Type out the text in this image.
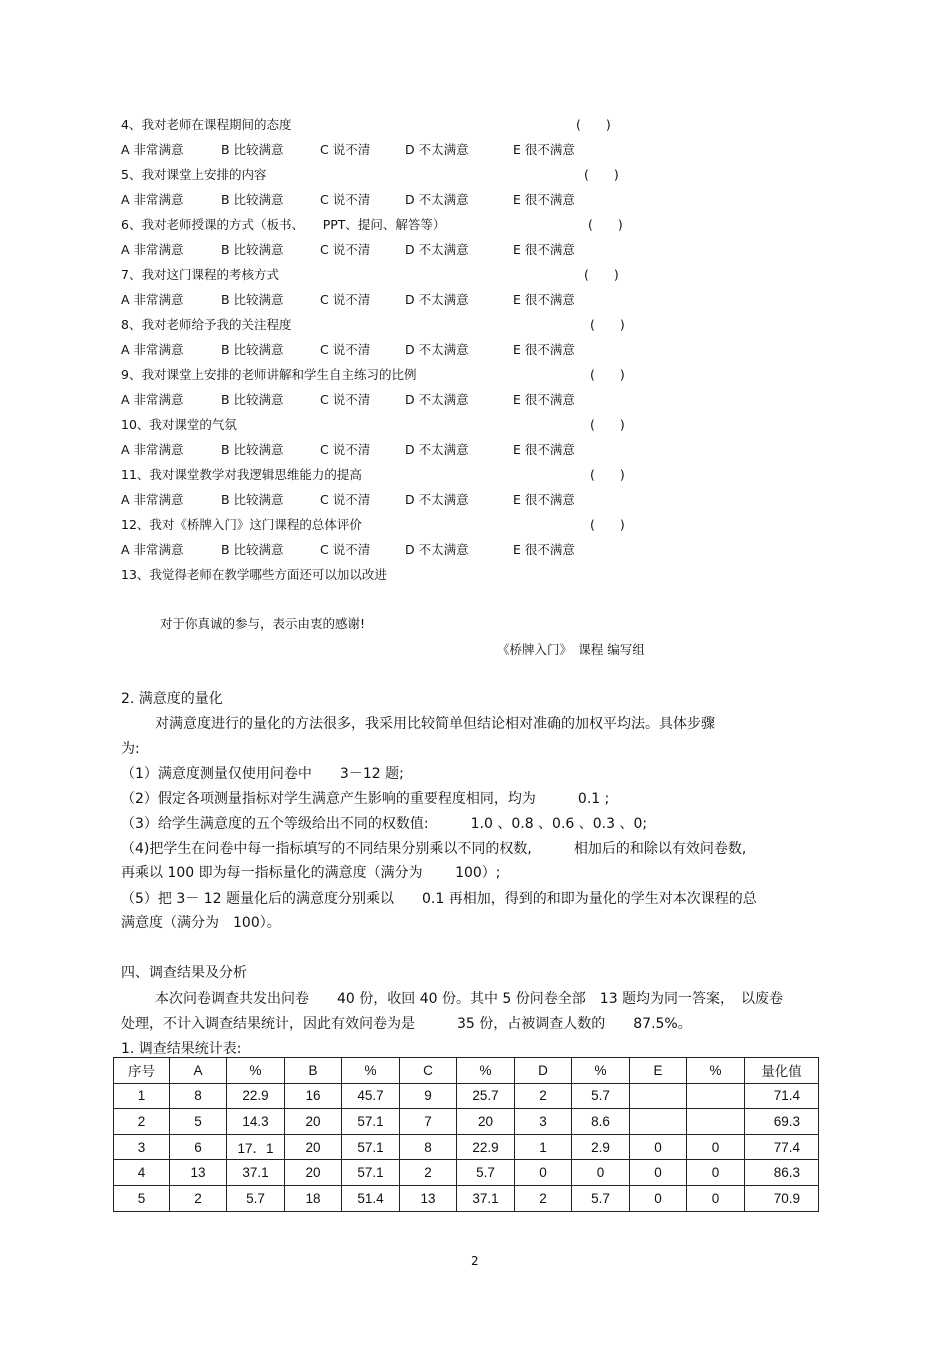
4、我对老师在课程期间的态度	(　　)
A 非常满意	B 比较满意	C 说不清	D 不太满意	E 很不满意
5、我对课堂上安排的内容	(　　)
A 非常满意	B 比较满意	C 说不清	D 不太满意	E 很不满意
6、我对老师授课的方式（板书、　　PPT、提问、解答等）	(　　)
A 非常满意	B 比较满意	C 说不清	D 不太满意	E 很不满意
7、我对这门课程的考核方式	(　　)
A 非常满意	B 比较满意	C 说不清	D 不太满意	E 很不满意
8、我对老师给予我的关注程度	(　　)
A 非常满意	B 比较满意	C 说不清	D 不太满意	E 很不满意
9、我对课堂上安排的老师讲解和学生自主练习的比例	(　　)
A 非常满意	B 比较满意	C 说不清	D 不太满意	E 很不满意
10、我对课堂的气氛	(　　)
A 非常满意	B 比较满意	C 说不清	D 不太满意	E 很不满意
11、我对课堂教学对我逻辑思维能力的提高	(　　)
A 非常满意	B 比较满意	C 说不清	D 不太满意	E 很不满意
12、我对《桥牌入门》这门课程的总体评价	(　　)
A 非常满意	B 比较满意	C 说不清	D 不太满意	E 很不满意
13、我觉得老师在教学哪些方面还可以加以改进
对于你真诚的参与，表示由衷的感谢!
《桥牌入门》　课程 编写组
2. 满意度的量化
对满意度进行的量化的方法很多，我采用比较简单但结论相对准确的加权平均法。具体步骤
为:
（1）满意度测量仅使用问卷中　　3－12 题;
（2）假定各项测量指标对学生满意产生影响的重要程度相同，均为　　　0.1 ;
（3）给学生满意度的五个等级给出不同的权数值:　　　1.0 、0.8 、0.6 、0.3 、0;
（4)把学生在问卷中每一指标填写的不同结果分别乘以不同的权数,　　　相加后的和除以有效问卷数,
再乘以 100 即为每一指标量化的满意度（满分为　　 100）;
（5）把 3－ 12 题量化后的满意度分别乘以　　0.1 再相加，得到的和即为量化的学生对本次课程的总
满意度（满分为　100）。
四、调查结果及分析
本次问卷调查共发出问卷　　40 份，收回 40 份。其中 5 份问卷全部　13 题均为同一答案，　以废卷
处理，不计入调查结果统计，因此有效问卷为是　　　35 份，占被调查人数的　　87.5%。
1. 调查结果统计表:
序号	A	%	B	%	C	%	D	%	E	%	量化值
1	8	22.9	16	45.7	9	25.7	2	5.7			71.4
2	5	14.3	20	57.1	7	20	3	8.6			69.3
3	6	17．1	20	57.1	8	22.9	1	2.9	0	0	77.4
4	13	37.1	20	57.1	2	5.7	0	0	0	0	86.3
5	2	5.7	18	51.4	13	37.1	2	5.7	0	0	70.9
2
